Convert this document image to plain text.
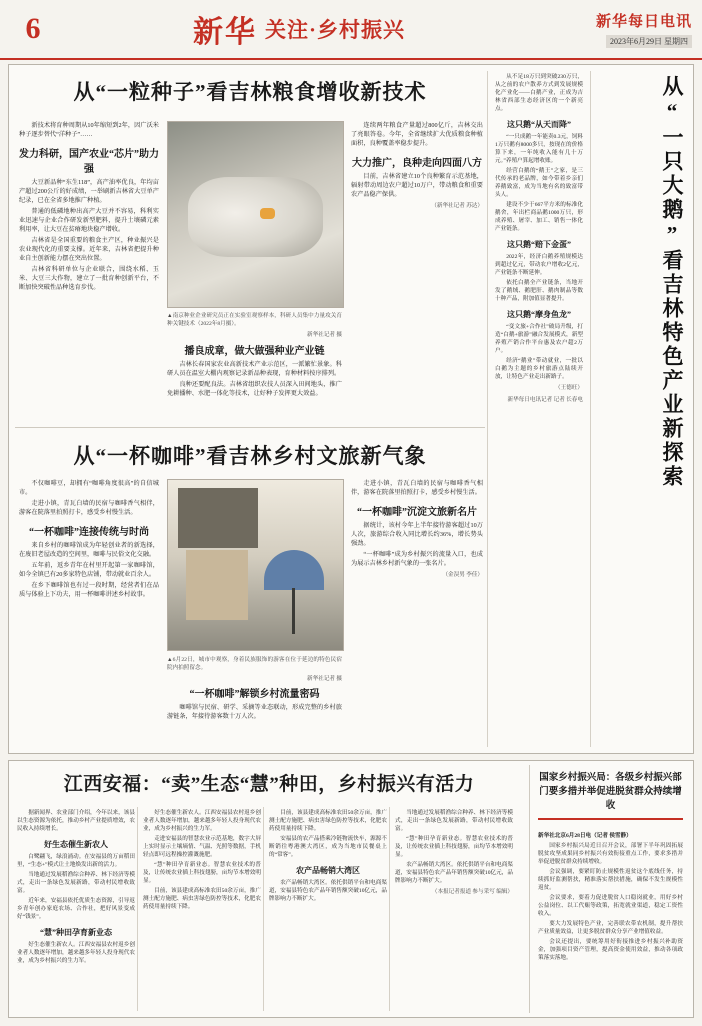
6	新华 关注·乡村振兴	新华每日电讯
2023年6月29日 星期四
从“一只大鹅”看吉林特色产业新探索

从不足18万只到突破230万只，从之前的农户散养方式到发展规模化产业化——白鹅产业，正成为吉林省西部生态经济区的一个新亮点。

这只鹅“从天而降”

“一只成鹅一年能卖0.3元，饲料1万只鹅有8000多只，按现在的价格算下来，一年纯收入能有几十万元。”养殖户算起增收账。

经营白鹅的“鹅王”之家，是三代传承的老品牌，如今带着乡亲们养鹅致富，成为当地有名的致富带头人。

建设不少于667平方米的标准化鹅舍，年出栏商品鹅1000万只，形成养殖、屠宰、加工、销售一体化产业链条。

这只鹅“赔下金蛋”

2022年，经济白鹅养殖规模达到超过亿元，带动农户增收2亿元，产业链条不断延伸。

依托白鹅全产业链条，当地开发了鹅绒、鹅肥肝、鹅肉制品等数十种产品，附加值显著提升。

这只鹅“摩身鱼龙”

“变文旅+合作社”破局升级，打造“白鹅+旅游”融合发展模式，新型养殖产销合作平台惠及农户超2万户。

经济“鹅业”带动就业，一批以白鹅为主题的乡村旅游点陆续开放，让特色产业走出新路子。

（王德旺）
新华每日电讯记者 记者 长春电
从“一粒种子”看吉林粮食增收新技术

新技术将育种周期从10年缩短到2年，因广沃米种子逐步替代“洋种子”……

发力科研，国产农业“芯片”助力强

大豆新品种“东生118”，高产油率优良，年均亩产超过200公斤的好成绩，一举刷新吉林省大豆单产纪录，已在全省多地推广种植。

普通的低磷地种出高产大豆并不容易，科利实业迅速与企业合作研发新型肥料，提升土壤磷元素利用率，让大豆在贫瘠地块稳产增收。

吉林省是全国重要的粮食主产区，种业振兴是农业现代化的重要支撑。近年来，吉林省把提升种业自主创新能力摆在突出位置。

吉林省科研单位与企业联合，围绕水稻、玉米、大豆三大作物，建立了一批育种创新平台，不断加快突破性品种选育步伐。

▲南京种业企业研究员正在实验室观察样本，科研人员集中力量攻关育种关键技术（2022年8月摄）。
新华社记者 摄
播良成章，做大做强种业产业链

吉林长春国家农业高新技术产业示范区，一派繁忙景象。科研人员在温室大棚内观察记录新品种表现，育种材料按序排列。

良种还要配良法。吉林省组织农技人员深入田间地头，推广免耕播种、水肥一体化等技术，让好种子发挥更大效益。

连续两年粮食产量超过800亿斤，吉林交出了亮眼答卷。今年，全省继续扩大优质粮食种植面积，良种覆盖率稳步提升。

大力推广，良种走向四面八方

目前，吉林省建立10个良种繁育示范基地，辐射带动周边农户超过10万户，带动粮食和重要农产品稳产保供。

（新华社记者 苏达）
从“一杯咖啡”看吉林乡村文旅新气象

不仅咖啡豆，却拥有“咖啡角度很高”的自信城市。

走进小镇，青瓦白墙的民宿与咖啡香气相伴，游客在院落里拍照打卡，感受乡村慢生活。

“一杯咖啡”连接传统与时尚

来自乡村的咖啡馆成为年轻创业者的新选择，在废旧老屋改造的空间里，咖啡与民俗文化交融。

五年前，返乡青年在村里开起第一家咖啡馆，如今全镇已有20多家特色店铺，带动就业百余人。

在乡下咖啡馆也有过一段时期，经营者们在品质与体验上下功夫，用一杯咖啡讲述乡村故事。

▲6月22日，城市中观察，身着民族服饰的游客在位于延边的特色民宿院内拍照留念。
新华社记者 摄
“一杯咖啡”解锁乡村流量密码

咖啡馆与民宿、研学、采摘等业态联动，形成完整的乡村旅游链条，年接待游客数十万人次。

走进小镇，青瓦白墙的民宿与咖啡香气相伴，游客在院落里拍照打卡，感受乡村慢生活。

“一杯咖啡”沉淀文旅新名片

据统计，该村今年上半年接待游客超过10万人次，旅游综合收入同比增长约36%，增长势头强劲。

“一杯咖啡”成为乡村振兴的流量入口，也成为展示吉林乡村新气象的一张名片。

（金淏男 李佳）
江西安福：“卖”生态“慧”种田，乡村振兴有活力

据新闻界、农业部门介绍，今年以来，该县以生态资源为依托，推动乡村产业提质增效，农民收入持续增长。

好生态催生新农人

白鹭翩飞，绿浪涌动。在安福县的万亩稻田里，“生态+”模式让土地焕发出新的活力。

当地通过发展稻渔综合种养、林下经济等模式，走出一条绿色发展新路，带动村民增收致富。

近年来，安福县依托优质生态资源，引导返乡青年创办家庭农场、合作社，把好风景变成好“钱景”。

“慧”种田孕育新业态

好生态催生新农人。江西安福县农村返乡创业者人数逐年增加，越来越多年轻人投身现代农业，成为乡村振兴的生力军。

好生态催生新农人。江西安福县农村返乡创业者人数逐年增加，越来越多年轻人投身现代农业，成为乡村振兴的生力军。

走进安福县的智慧农业示范基地，数字大屏上实时显示土壤墒情、气温、光照等数据，手机轻点即可远程操控灌溉施肥。

“慧”种田孕育新业态。智慧农业技术的普及，让传统农业插上科技翅膀，亩均节本增效明显。

目前，该县建成高标准农田50余万亩，推广测土配方施肥、病虫害绿色防控等技术，化肥农药使用量持续下降。

目前，该县建成高标准农田50余万亩，推广测土配方施肥、病虫害绿色防控等技术，化肥农药使用量持续下降。

安福县的农产品搭乘冷链物流快车，源源不断销往粤港澳大湾区，成为当地市民餐桌上的“常客”。

农产品畅销大湾区

农产品畅销大湾区。依托供销平台和电商渠道，安福县特色农产品年销售额突破10亿元，品牌影响力不断扩大。

当地通过发展稻渔综合种养、林下经济等模式，走出一条绿色发展新路，带动村民增收致富。

“慧”种田孕育新业态。智慧农业技术的普及，让传统农业插上科技翅膀，亩均节本增效明显。

农产品畅销大湾区。依托供销平台和电商渠道，安福县特色农产品年销售额突破10亿元，品牌影响力不断扩大。

（本报记者报道 参与采写 编辑）
国家乡村振兴局：各级乡村振兴部门要多措并举促进脱贫群众持续增收
新华社北京6月28日电（记者 侯雪静）

国家乡村振兴局近日召开会议，部署下半年巩固拓展脱贫攻坚成果同乡村振兴有效衔接重点工作，要求多措并举促进脱贫群众持续增收。

会议强调，要紧盯防止规模性返贫这个底线任务，持续抓好监测帮扶，精准落实帮扶措施，确保不发生规模性返贫。

会议要求，要着力促进脱贫人口稳岗就业，用好乡村公益岗位、以工代赈等政策，拓宽就业渠道，稳定工资性收入。

要大力发展特色产业，完善联农带农机制，提升帮扶产业质量效益，让更多脱贫群众分享产业增值收益。

会议还提出，要统筹用好衔接推进乡村振兴补助资金，加强项目资产管理，提高资金使用效益，推动各项政策落实落地。
